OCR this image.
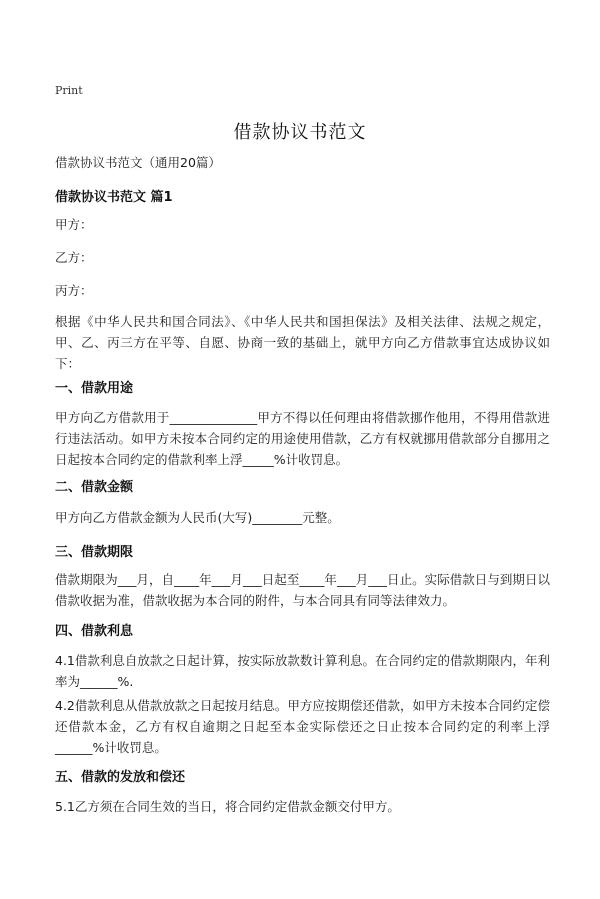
Print
借款协议书范文
借款协议书范文（通用20篇）
借款协议书范文 篇1
甲方：
乙方：
丙方：
根据《中华人民共和国合同法》、《中华人民共和国担保法》及相关法律、法规之规定，甲、乙、丙三方在平等、自愿、协商一致的基础上，就甲方向乙方借款事宜达成协议如下：
一、借款用途
甲方向乙方借款用于______________甲方不得以任何理由将借款挪作他用，不得用借款进行违法活动。如甲方未按本合同约定的用途使用借款，乙方有权就挪用借款部分自挪用之日起按本合同约定的借款利率上浮_____%计收罚息。
二、借款金额
甲方向乙方借款金额为人民币(大写)________元整。
三、借款期限
借款期限为___月，自____年___月___日起至____年___月___日止。实际借款日与到期日以借款收据为准，借款收据为本合同的附件，与本合同具有同等法律效力。
四、借款利息
4.1借款利息自放款之日起计算，按实际放款数计算利息。在合同约定的借款期限内，年利率为______%.
4.2借款利息从借款放款之日起按月结息。甲方应按期偿还借款，如甲方未按本合同约定偿还借款本金，乙方有权自逾期之日起至本金实际偿还之日止按本合同约定的利率上浮______%计收罚息。
五、借款的发放和偿还
5.1乙方须在合同生效的当日，将合同约定借款金额交付甲方。
